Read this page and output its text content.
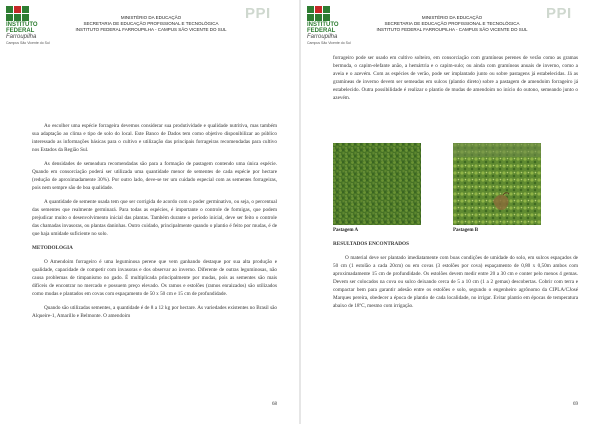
INSTITUTO
FEDERAL
Farroupilha
Campus São Vicente do Sul
MINISTÉRIO DA EDUCAÇÃO
SECRETARIA DE EDUCAÇÃO PROFISSIONAL E TECNOLÓGICA
INSTITUTO FEDERAL FARROUPILHA - CAMPUS SÃO VICENTE DO SUL
PPI

Ao escolher uma espécie forrageira devemos considerar sua produtividade e qualidade nutritiva, mas também sua adaptação ao clima e tipo de solo do local. Este Banco de Dados tem como objetivo disponibilizar ao público interessado as informações básicas para o cultivo e utilização das principais forrageiras recomendadas para cultivo nos Estados da Região Sul.

As densidades de semeadura recomendadas são para a formação de pastagem contendo uma única espécie. Quando em consorciação poderá ser utilizada uma quantidade menor de sementes de cada espécie por hectare (redução de aproximadamente 30%). Por outro lado, deve-se ter um cuidado especial com as sementes forrageiras, pois nem sempre são de boa qualidade.

A quantidade de semente usada tem que ser corrigida de acordo com o poder germinativo, ou seja, o percentual das sementes que realmente germinará. Para todas as espécies, é importante o controle de formigas, que podem prejudicar muito o desenvolvimento inicial das plantas. Também durante o período inicial, deve ser feito o controle das chamadas invasoras, ou plantas daninhas. Outro cuidado, principalmente quando o plantio é feito por mudas, é de que haja umidade suficiente no solo.

METODOLOGIA

O Amendoim forrageiro é uma leguminosa perene que vem ganhando destaque por sua alta produção e qualidade, capacidade de competir com invasoras e dos observar ao inverno. Diferente de outras leguminosas, não causa problemas de timpanismo no gado. É multiplicada principalmente por mudas, pois as sementes são mais difíceis de encontrar no mercado e possuem preço elevado. Os ramos e estolões (ramos enraizados) são utilizados como mudas e plantados em covas com espaçamento de 50 x 50 cm e 15 cm de profundidade.

Quando são utilizadas sementes, a quantidade é de 8 a 12 kg por hectare. As variedades existentes no Brasil são Alqueire-1, Amarillo e Belmonte. O amendoim

68
INSTITUTO
FEDERAL
Farroupilha
Campus São Vicente do Sul
MINISTÉRIO DA EDUCAÇÃO
SECRETARIA DE EDUCAÇÃO PROFISSIONAL E TECNOLÓGICA
INSTITUTO FEDERAL FARROUPILHA - CAMPUS SÃO VICENTE DO SUL
PPI

forrageiro pode ser usado em cultivo solteiro, em consorciação com gramíneas perenes de verão como as gramas bermuda, o capim-elefante anão, a hemártria e o capim-sulo; ou ainda com gramíneas anuais de inverno, como a aveia e o azevém. Com as espécies de verão, pode ser implantado junto ou sobre pastagens já estabelecidas. Já as gramíneas de inverno devem ser semeadas em sulcos (plantio direto) sobre a pastagem de amendoim forrageiro já estabelecido. Outra possibilidade é realizar o plantio de mudas de amendoim no início do outono, semeando junto o azevém.

Pastagem A	Pastagem B

RESULTADOS ENCONTRADOS

O material deve ser plantado imediatamente com boas condições de umidade do solo, em sulcos espaçados de 50 cm (1 estolão a cada 20cm) ou em covas (3 estolões por cova) espaçamento de 0,80 x 0,50m ambos com aproximadamente 15 cm de profundidade. Os estolões devem medir entre 20 a 30 cm e conter pelo menos 4 gemas. Devem ser colocados na cova ou sulco deixando cerca de 5 a 10 cm (1 a 2 gemas) descobertas. Cobrir com terra e compactar bem para garantir adesão entre os estolões e solo, segundo o engenheiro agrônomo da CIPLA/CJosé Marques pereira, obedecer a época de plantio de cada localidade, no irrigar. Evitar plantio em épocas de temperatura abaixo de 18ºC, mesmo com irrigação.

69
